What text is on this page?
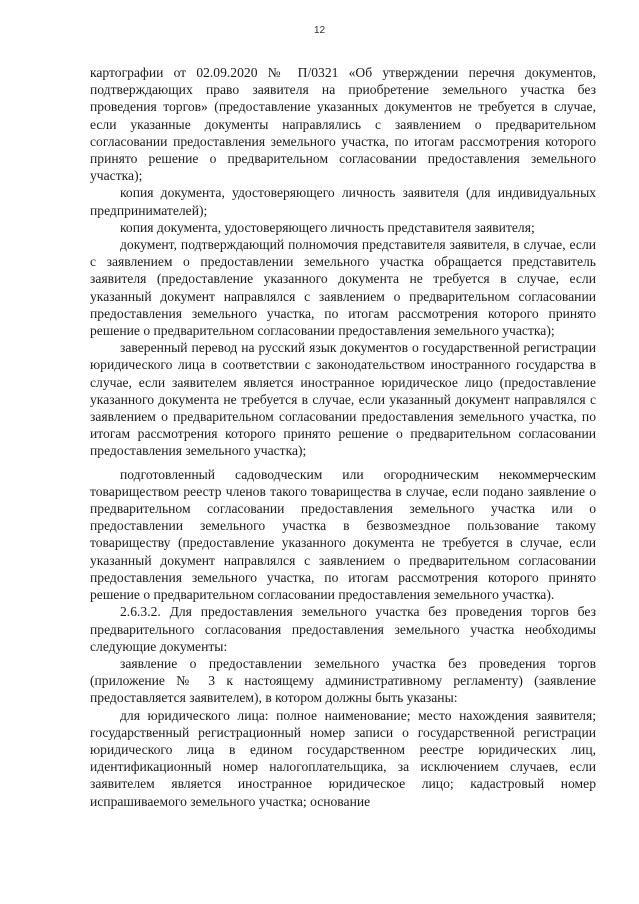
12

картографии от 02.09.2020 № П/0321 «Об утверждении перечня документов, подтверждающих право заявителя на приобретение земельного участка без проведения торгов» (предоставление указанных документов не требуется в случае, если указанные документы направлялись с заявлением о предварительном согласовании предоставления земельного участка, по итогам рассмотрения которого принято решение о предварительном согласовании предоставления земельного участка);

копия документа, удостоверяющего личность заявителя (для индивидуальных предпринимателей);

копия документа, удостоверяющего личность представителя заявителя;

документ, подтверждающий полномочия представителя заявителя, в случае, если с заявлением о предоставлении земельного участка обращается представитель заявителя (предоставление указанного документа не требуется в случае, если указанный документ направлялся с заявлением о предварительном согласовании предоставления земельного участка, по итогам рассмотрения которого принято решение о предварительном согласовании предоставления земельного участка);

заверенный перевод на русский язык документов о государственной регистрации юридического лица в соответствии с законодательством иностранного государства в случае, если заявителем является иностранное юридическое лицо (предоставление указанного документа не требуется в случае, если указанный документ направлялся с заявлением о предварительном согласовании предоставления земельного участка, по итогам рассмотрения которого принято решение о предварительном согласовании предоставления земельного участка);

подготовленный садоводческим или огородническим некоммерческим товариществом реестр членов такого товарищества в случае, если подано заявление о предварительном согласовании предоставления земельного участка или о предоставлении земельного участка в безвозмездное пользование такому товариществу (предоставление указанного документа не требуется в случае, если указанный документ направлялся с заявлением о предварительном согласовании предоставления земельного участка, по итогам рассмотрения которого принято решение о предварительном согласовании предоставления земельного участка).

2.6.3.2. Для предоставления земельного участка без проведения торгов без предварительного согласования предоставления земельного участка необходимы следующие документы:

заявление о предоставлении земельного участка без проведения торгов (приложение № 3 к настоящему административному регламенту) (заявление предоставляется заявителем), в котором должны быть указаны:

для юридического лица: полное наименование; место нахождения заявителя; государственный регистрационный номер записи о государственной регистрации юридического лица в едином государственном реестре юридических лиц, идентификационный номер налогоплательщика, за исключением случаев, если заявителем является иностранное юридическое лицо; кадастровый номер испрашиваемого земельного участка; основание
